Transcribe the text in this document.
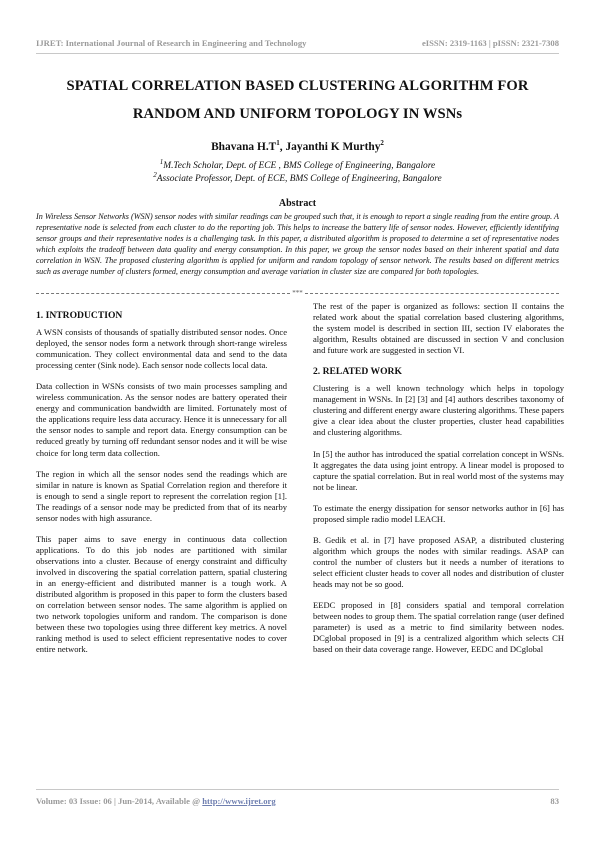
IJRET: International Journal of Research in Engineering and Technology	eISSN: 2319-1163 | pISSN: 2321-7308
SPATIAL CORRELATION BASED CLUSTERING ALGORITHM FOR
RANDOM AND UNIFORM TOPOLOGY IN WSNs
Bhavana $H.T^1$, Jayanthi K Murthy$^2$
$^1$M.Tech Scholar, Dept. of ECE , BMS College of Engineering, Bangalore
$^2$Associate Professor, Dept. of ECE, BMS College of Engineering, Bangalore
Abstract

In Wireless Sensor Networks (WSN) sensor nodes with similar readings can be grouped such that, it is enough to report a single reading from the entire group. A representative node is selected from each cluster to do the reporting job. This helps to increase the battery life of sensor nodes. However, efficiently identifying sensor groups and their representative nodes is a challenging task. In this paper, a distributed algorithm is proposed to determine a set of representative nodes which exploits the tradeoff between data quality and energy consumption. In this paper, we group the sensor nodes based on their inherent spatial and data correlation in WSN. The proposed clustering algorithm is applied for uniform and random topology of sensor network. The results based on different metrics such as average number of clusters formed, energy consumption and average variation in cluster size are compared for both topologies.

***
1. INTRODUCTION

A WSN consists of thousands of spatially distributed sensor nodes. Once deployed, the sensor nodes form a network through short-range wireless communication. They collect environmental data and send to the data processing center (Sink node). Each sensor node collects local data.

Data collection in WSNs consists of two main processes sampling and wireless communication. As the sensor nodes are battery operated their energy and communication bandwidth are limited. Fortunately most of the applications require less data accuracy. Hence it is unnecessary for all the sensor nodes to sample and report data. Energy consumption can be reduced greatly by turning off redundant sensor nodes and it will be wise choice for long term data collection.

The region in which all the sensor nodes send the readings which are similar in nature is known as Spatial Correlation region and therefore it is enough to send a single report to represent the correlation region [1]. The readings of a sensor node may be predicted from that of its nearby sensor nodes with high assurance.

This paper aims to save energy in continuous data collection applications. To do this job nodes are partitioned with similar observations into a cluster. Because of energy constraint and difficulty involved in discovering the spatial correlation pattern, spatial clustering in an energy-efficient and distributed manner is a tough work. A distributed algorithm is proposed in this paper to form the clusters based on correlation between sensor nodes. The same algorithm is applied on two network topologies uniform and random. The comparison is done between these two topologies using three different key metrics. A novel ranking method is used to select efficient representative nodes to cover entire network.

The rest of the paper is organized as follows: section II contains the related work about the spatial correlation based clustering algorithms, the system model is described in section III, section IV elaborates the algorithm, Results obtained are discussed in section V and conclusion and future work are suggested in section VI.

2. RELATED WORK

Clustering is a well known technology which helps in topology management in WSNs. In [2] [3] and [4] authors describes taxonomy of clustering and different energy aware clustering algorithms. These papers give a clear idea about the cluster properties, cluster head capabilities and clustering algorithms.

In [5] the author has introduced the spatial correlation concept in WSNs. It aggregates the data using joint entropy. A linear model is proposed to capture the spatial correlation. But in real world most of the systems may not be linear.

To estimate the energy dissipation for sensor networks author in [6] has proposed simple radio model LEACH.

B. Gedik et al. in [7] have proposed ASAP, a distributed clustering algorithm which groups the nodes with similar readings. ASAP can control the number of clusters but it needs a number of iterations to select efficient cluster heads to cover all nodes and distribution of cluster heads may not be so good.

EEDC proposed in [8] considers spatial and temporal correlation between nodes to group them. The spatial correlation range (user defined parameter) is used as a metric to find similarity between nodes. DCglobal proposed in [9] is a centralized algorithm which selects CH based on their data coverage range. However, EEDC and DCglobal

Volume: 03 Issue: 06 | Jun-2014, Available @ http://www.ijret.org	83
